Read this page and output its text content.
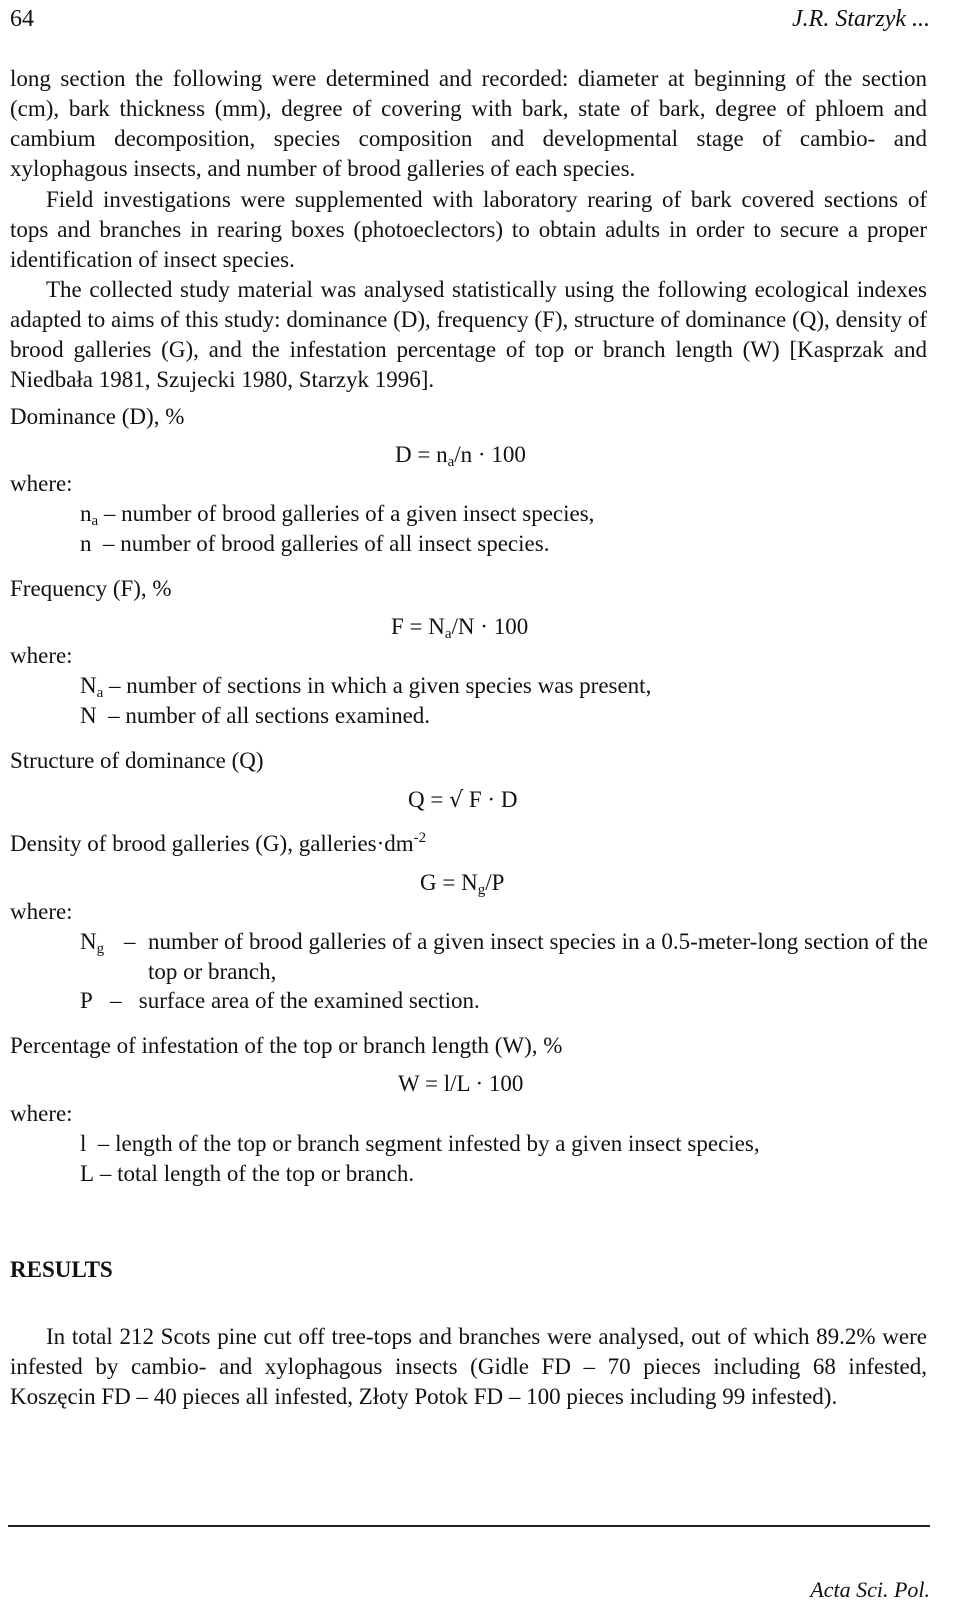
64	J.R. Starzyk ...

long section the following were determined and recorded: diameter at beginning of the section (cm), bark thickness (mm), degree of covering with bark, state of bark, degree of phloem and cambium decomposition, species composition and developmental stage of cambio- and xylophagous insects, and number of brood galleries of each species.

Field investigations were supplemented with laboratory rearing of bark covered sections of tops and branches in rearing boxes (photoeclectors) to obtain adults in order to secure a proper identification of insect species.

The collected study material was analysed statistically using the following ecological indexes adapted to aims of this study: dominance (D), frequency (F), structure of dominance (Q), density of brood galleries (G), and the infestation percentage of top or branch length (W) [Kasprzak and Niedbała 1981, Szujecki 1980, Starzyk 1996].

Dominance (D), %

$D = n_a/n \cdot 100$

where:

$n_a$ – number of brood galleries of a given insect species,

n – number of brood galleries of all insect species.

Frequency (F), %

$F = N_a/N \cdot 100$

where:

$N_a$ – number of sections in which a given species was present,

N – number of all sections examined.

Structure of dominance (Q)

Q = √ F · D

Density of brood galleries (G), $galleries\cdot dm^{-2}$

$G = N_g/P$

where:

$N_g$ – number of brood galleries of a given insect species in a 0.5-meter-long section of the top or branch,

P – surface area of the examined section.

Percentage of infestation of the top or branch length (W), %

W = l/L · 100

where:

l – length of the top or branch segment infested by a given insect species,

L – total length of the top or branch.

RESULTS

In total 212 Scots pine cut off tree-tops and branches were analysed, out of which 89.2% were infested by cambio- and xylophagous insects (Gidle FD – 70 pieces including 68 infested, Koszęcin FD – 40 pieces all infested, Złoty Potok FD – 100 pieces including 99 infested).

Acta Sci. Pol.
